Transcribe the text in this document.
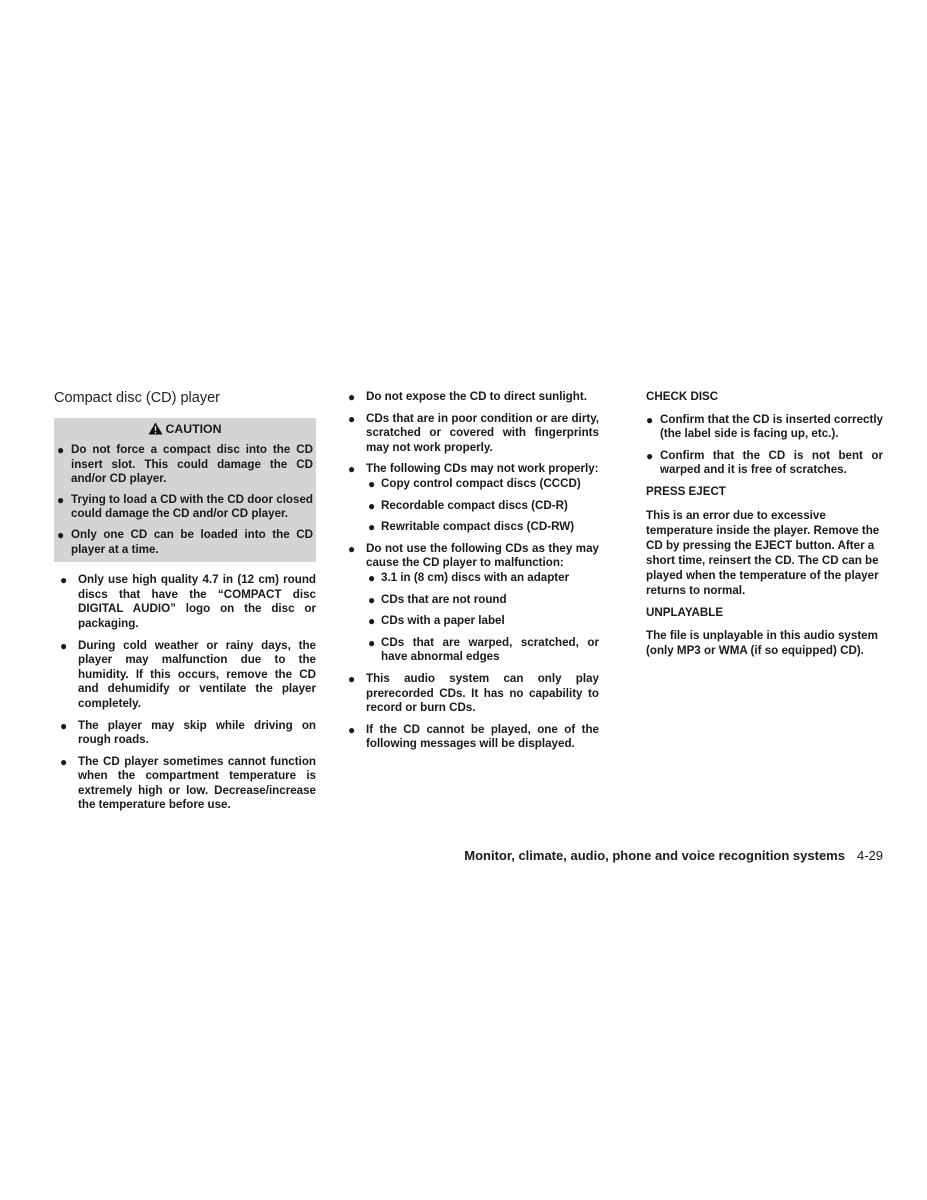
Compact disc (CD) player
CAUTION
● Do not force a compact disc into the CD insert slot. This could damage the CD and/or CD player.
● Trying to load a CD with the CD door closed could damage the CD and/or CD player.
● Only one CD can be loaded into the CD player at a time.
● Only use high quality 4.7 in (12 cm) round discs that have the “COMPACT disc DIGITAL AUDIO” logo on the disc or packaging.
● During cold weather or rainy days, the player may malfunction due to the humidity. If this occurs, remove the CD and dehumidify or ventilate the player completely.
● The player may skip while driving on rough roads.
● The CD player sometimes cannot function when the compartment temperature is extremely high or low. Decrease/increase the temperature before use.
● Do not expose the CD to direct sunlight.
● CDs that are in poor condition or are dirty, scratched or covered with fingerprints may not work properly.
● The following CDs may not work properly:
● Copy control compact discs (CCCD)
● Recordable compact discs (CD-R)
● Rewritable compact discs (CD-RW)
● Do not use the following CDs as they may cause the CD player to malfunction:
● 3.1 in (8 cm) discs with an adapter
● CDs that are not round
● CDs with a paper label
● CDs that are warped, scratched, or have abnormal edges
● This audio system can only play prerecorded CDs. It has no capability to record or burn CDs.
● If the CD cannot be played, one of the following messages will be displayed.
CHECK DISC
● Confirm that the CD is inserted correctly (the label side is facing up, etc.).
● Confirm that the CD is not bent or warped and it is free of scratches.
PRESS EJECT
This is an error due to excessive temperature inside the player. Remove the CD by pressing the EJECT button. After a short time, reinsert the CD. The CD can be played when the temperature of the player returns to normal.
UNPLAYABLE
The file is unplayable in this audio system (only MP3 or WMA (if so equipped) CD).
Monitor, climate, audio, phone and voice recognition systems 4-29
